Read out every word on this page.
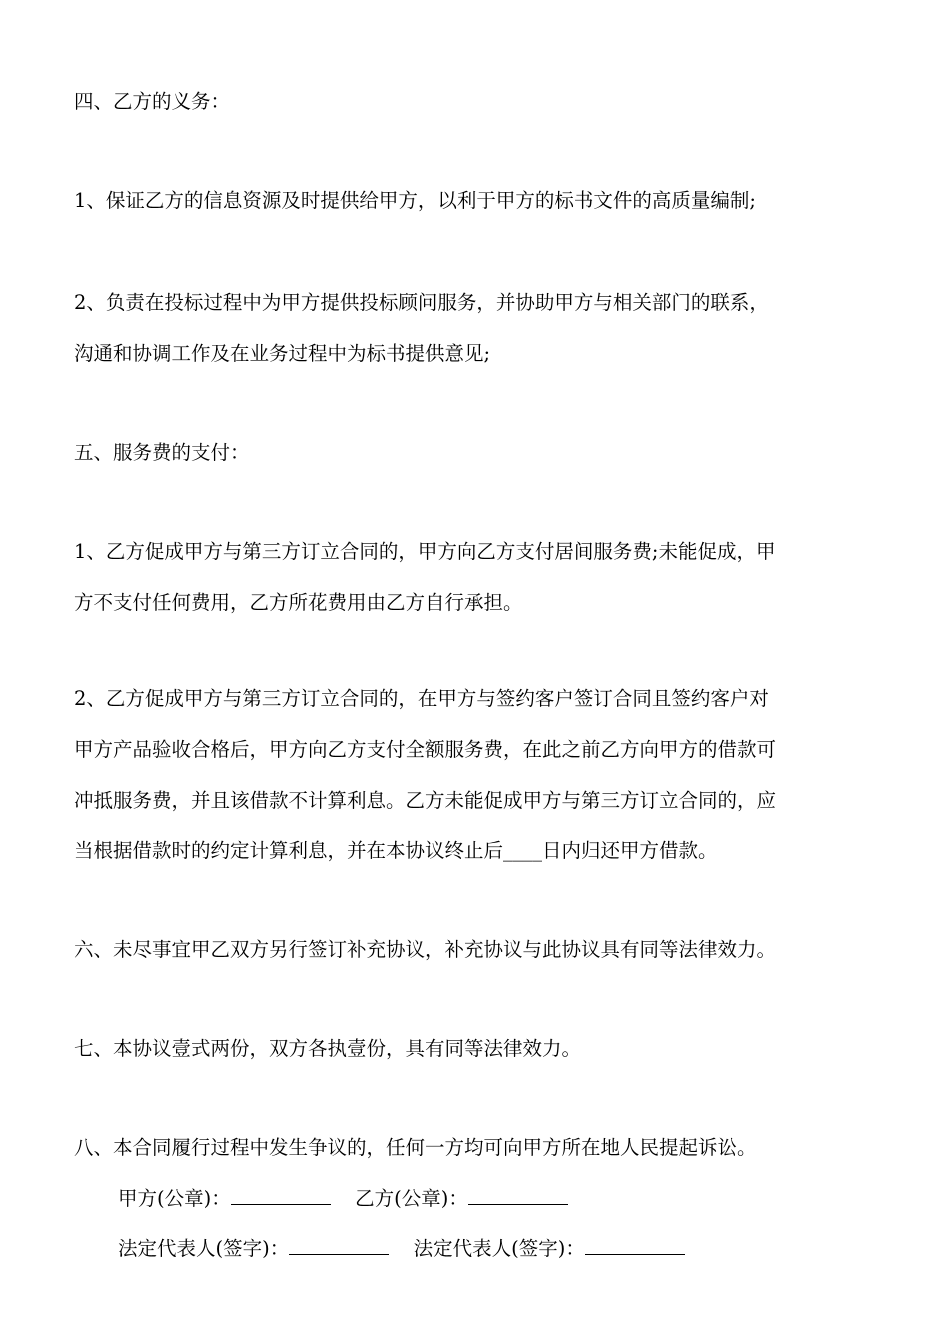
四、乙方的义务：

1、保证乙方的信息资源及时提供给甲方，以利于甲方的标书文件的高质量编制;

2、负责在投标过程中为甲方提供投标顾问服务，并协助甲方与相关部门的联系，

沟通和协调工作及在业务过程中为标书提供意见;

五、服务费的支付：

1、乙方促成甲方与第三方订立合同的，甲方向乙方支付居间服务费;未能促成，甲

方不支付任何费用，乙方所花费用由乙方自行承担。

2、乙方促成甲方与第三方订立合同的，在甲方与签约客户签订合同且签约客户对

甲方产品验收合格后，甲方向乙方支付全额服务费，在此之前乙方向甲方的借款可

冲抵服务费，并且该借款不计算利息。乙方未能促成甲方与第三方订立合同的，应

当根据借款时的约定计算利息，并在本协议终止后____日内归还甲方借款。

六、未尽事宜甲乙双方另行签订补充协议，补充协议与此协议具有同等法律效力。

七、本协议壹式两份，双方各执壹份，具有同等法律效力。

八、本合同履行过程中发生争议的，任何一方均可向甲方所在地人民提起诉讼。

甲方(公章)：	乙方(公章)：
法定代表人(签字)：	法定代表人(签字)：
